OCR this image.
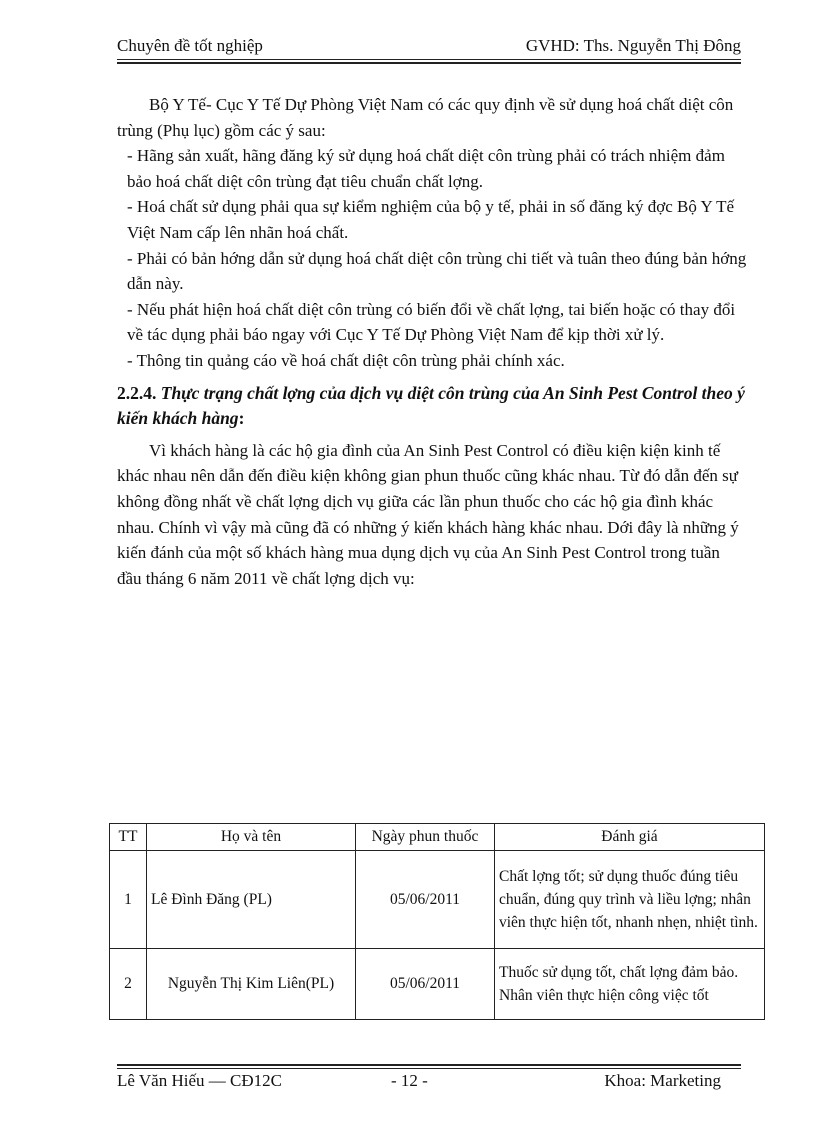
Chuyên đề tốt nghiệp	GVHD: Ths. Nguyễn Thị Đông

Bộ Y Tế- Cục Y Tế Dự Phòng Việt Nam có các quy định về sử dụng hoá chất diệt côn trùng (Phụ lục) gồm các ý sau:

- Hãng sản xuất, hãng đăng ký sử dụng hoá chất diệt côn trùng phải có trách nhiệm đảm bảo hoá chất diệt côn trùng đạt tiêu chuẩn chất lợng.

- Hoá chất sử dụng phải qua sự kiểm nghiệm của bộ y tế, phải in số đăng ký đợc Bộ Y Tế Việt Nam cấp lên nhãn hoá chất.

- Phải có bản hớng dẫn sử dụng hoá chất diệt côn trùng chi tiết và tuân theo đúng bản hớng dẫn này.

- Nếu phát hiện hoá chất diệt côn trùng có biến đổi về chất lợng, tai biến hoặc có thay đổi về tác dụng phải báo ngay với Cục Y Tế Dự Phòng Việt Nam để kịp thời xử lý.

- Thông tin quảng cáo về hoá chất diệt côn trùng phải chính xác.

2.2.4. Thực trạng chất lợng của dịch vụ diệt côn trùng của An Sinh Pest Control theo ý kiến khách hàng:

Vì khách hàng là các hộ gia đình của An Sinh Pest Control có điều kiện kiện kinh tế khác nhau nên dẫn đến điều kiện không gian phun thuốc cũng khác nhau. Từ đó dẫn đến sự không đồng nhất về chất lợng dịch vụ giữa các lần phun thuốc cho các hộ gia đình khác nhau. Chính vì vậy mà cũng đã có những ý kiến khách hàng khác nhau. Dới đây là những ý kiến đánh của một số khách hàng mua dụng dịch vụ của An Sinh Pest Control trong tuần đầu tháng 6 năm 2011 về chất lợng dịch vụ:

TT	Họ và tên	Ngày phun thuốc	Đánh giá
1	Lê Đình Đăng (PL)	05/06/2011	Chất lợng tốt; sử dụng thuốc đúng tiêu chuẩn, đúng quy trình và liều lợng; nhân viên thực hiện tốt, nhanh nhẹn, nhiệt tình.
2	Nguyễn Thị Kim Liên(PL)	05/06/2011	Thuốc sử dụng tốt, chất lợng đảm bảo. Nhân viên thực hiện công việc tốt
Lê Văn Hiếu — CĐ12C	- 12 -	Khoa: Marketing
